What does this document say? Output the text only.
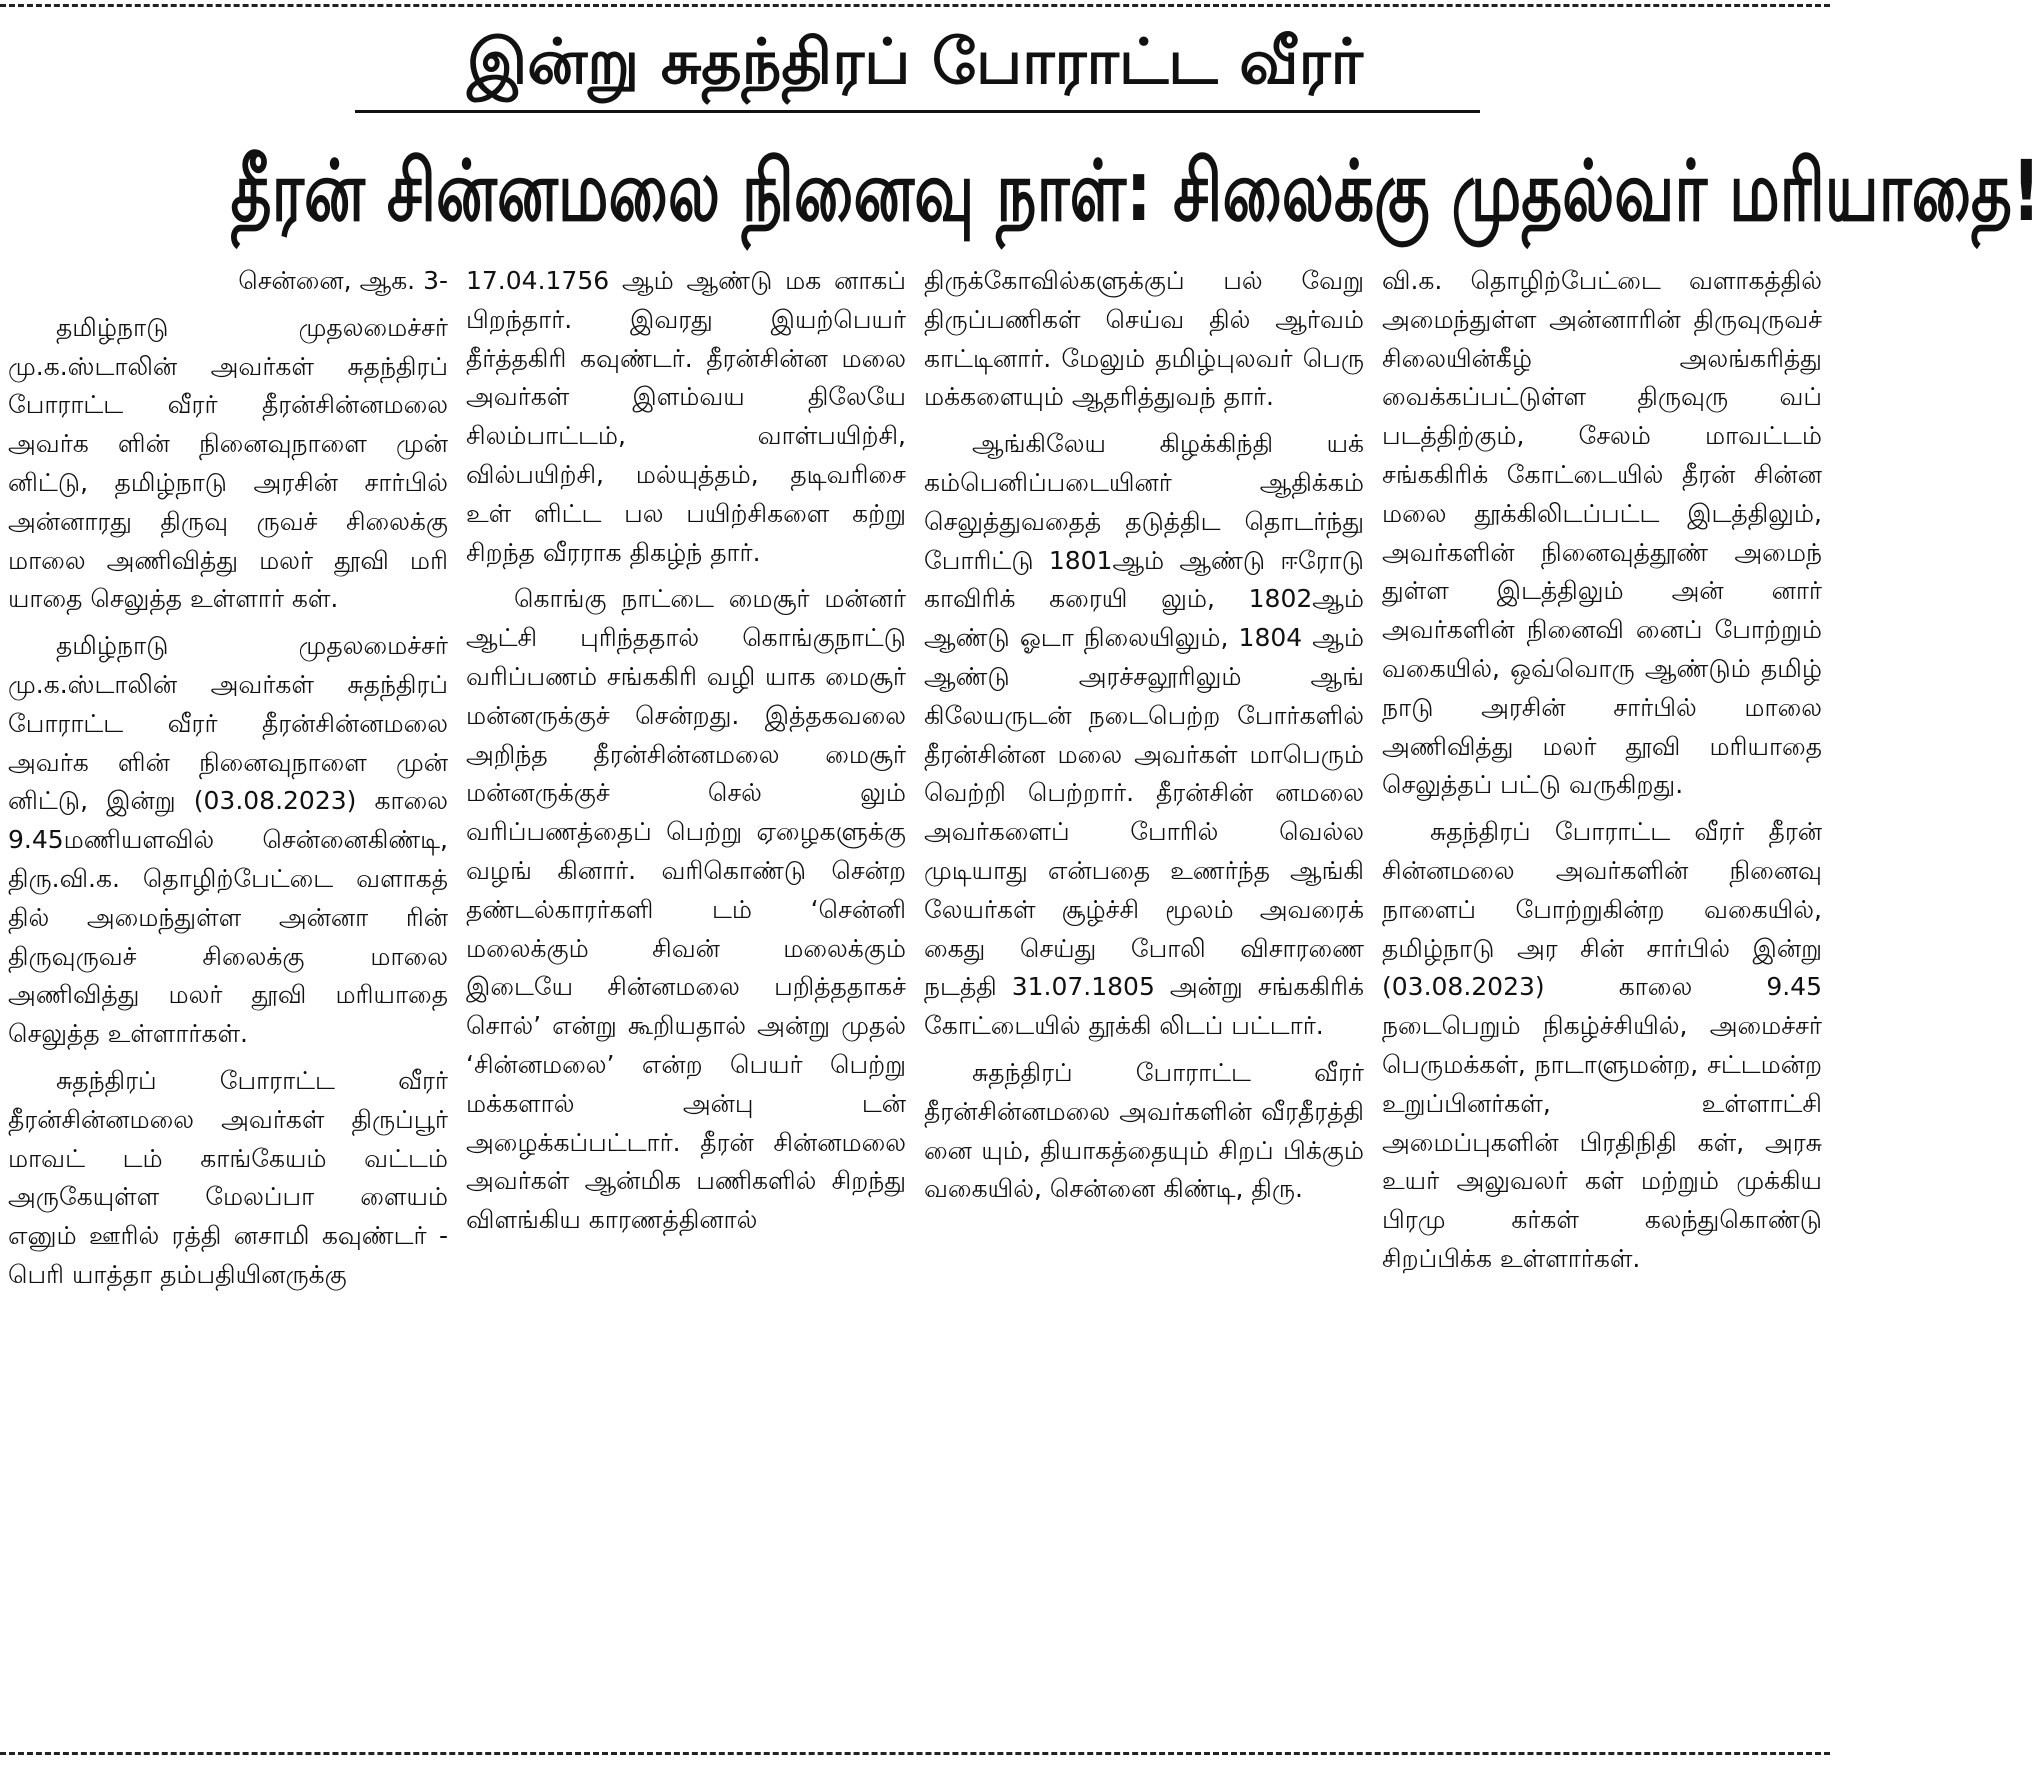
இன்று சுதந்திரப் போராட்ட வீரர்
தீரன் சின்னமலை நினைவு நாள்: சிலைக்கு முதல்வர் மரியாதை!

சென்னை, ஆக. 3-

தமிழ்நாடு முதலமைச்சர் மு.க.ஸ்டாலின் அவர்கள் சுதந்திரப் போராட்ட வீரர் தீரன்சின்னமலை அவர்க ளின் நினைவுநாளை முன் னிட்டு, தமிழ்நாடு அரசின் சார்பில் அன்னாரது திருவு ருவச் சிலைக்கு மாலை அணிவித்து மலர் தூவி மரி யாதை செலுத்த உள்ளார் கள்.

தமிழ்நாடு முதலமைச்சர் மு.க.ஸ்டாலின் அவர்கள் சுதந்திரப் போராட்ட வீரர் தீரன்சின்னமலை அவர்க ளின் நினைவுநாளை முன் னிட்டு, இன்று (03.08.2023) காலை 9.45மணியளவில் சென்னைகிண்டி, திரு.வி.க. தொழிற்பேட்டை வளாகத் தில் அமைந்துள்ள அன்னா ரின் திருவுருவச் சிலைக்கு மாலை அணிவித்து மலர் தூவி மரியாதை செலுத்த உள்ளார்கள்.

சுதந்திரப் போராட்ட வீரர் தீரன்சின்னமலை அவர்கள் திருப்பூர் மாவட் டம் காங்கேயம் வட்டம் அருகேயுள்ள மேலப்பா ளையம் எனும் ஊரில் ரத்தி னசாமி கவுண்டர் - பெரி யாத்தா தம்பதியினருக்கு

17.04.1756 ஆம் ஆண்டு மக னாகப் பிறந்தார். இவரது இயற்பெயர் தீர்த்தகிரி கவுண்டர். தீரன்சின்ன மலை அவர்கள் இளம்வய திலேயே சிலம்பாட்டம், வாள்பயிற்சி, வில்பயிற்சி, மல்யுத்தம், தடிவரிசை உள் ளிட்ட பல பயிற்சிகளை கற்று சிறந்த வீரராக திகழ்ந் தார்.

கொங்கு நாட்டை மைசூர் மன்னர் ஆட்சி புரிந்ததால் கொங்குநாட்டு வரிப்பணம் சங்ககிரி வழி யாக மைசூர் மன்னருக்குச் சென்றது. இத்தகவலை அறிந்த தீரன்சின்னமலை மைசூர் மன்னருக்குச் செல் லும் வரிப்பணத்தைப் பெற்று ஏழைகளுக்கு வழங் கினார். வரிகொண்டு சென்ற தண்டல்காரர்களி டம் ‘சென்னி மலைக்கும் சிவன் மலைக்கும் இடையே சின்னமலை பறித்ததாகச் சொல்’ என்று கூறியதால் அன்று முதல் ‘சின்னமலை’ என்ற பெயர் பெற்று மக்களால் அன்பு டன் அழைக்கப்பட்டார். தீரன் சின்னமலை அவர்கள் ஆன்மிக பணிகளில் சிறந்து விளங்கிய காரணத்தினால்

திருக்கோவில்களுக்குப் பல் வேறு திருப்பணிகள் செய்வ தில் ஆர்வம் காட்டினார். மேலும் தமிழ்புலவர் பெரு மக்களையும் ஆதரித்துவந் தார்.

ஆங்கிலேய கிழக்கிந்தி யக் கம்பெனிப்படையினர் ஆதிக்கம் செலுத்துவதைத் தடுத்திட தொடர்ந்து போரிட்டு 1801ஆம் ஆண்டு ஈரோடு காவிரிக் கரையி லும், 1802ஆம் ஆண்டு ஓடா நிலையிலும், 1804 ஆம் ஆண்டு அரச்சலூரிலும் ஆங் கிலேயருடன் நடைபெற்ற போர்களில் தீரன்சின்ன மலை அவர்கள் மாபெரும் வெற்றி பெற்றார். தீரன்சின் னமலை அவர்களைப் போரில் வெல்ல முடியாது என்பதை உணர்ந்த ஆங்கி லேயர்கள் சூழ்ச்சி மூலம் அவரைக் கைது செய்து போலி விசாரணை நடத்தி 31.07.1805 அன்று சங்ககிரிக் கோட்டையில் தூக்கி லிடப் பட்டார்.

சுதந்திரப் போராட்ட வீரர் தீரன்சின்னமலை அவர்களின் வீரதீரத்தி னை யும், தியாகத்தையும் சிறப் பிக்கும் வகையில், சென்னை கிண்டி, திரு.

வி.க. தொழிற்பேட்டை வளாகத்தில் அமைந்துள்ள அன்னாரின் திருவுருவச் சிலையின்கீழ் அலங்கரித்து வைக்கப்பட்டுள்ள திருவுரு வப் படத்திற்கும், சேலம் மாவட்டம் சங்ககிரிக் கோட்டையில் தீரன் சின்ன மலை தூக்கிலிடப்பட்ட இடத்திலும், அவர்களின் நினைவுத்தூண் அமைந் துள்ள இடத்திலும் அன் னார் அவர்களின் நினைவி னைப் போற்றும் வகையில், ஒவ்வொரு ஆண்டும் தமிழ் நாடு அரசின் சார்பில் மாலை அணிவித்து மலர் தூவி மரியாதை செலுத்தப் பட்டு வருகிறது.

சுதந்திரப் போராட்ட வீரர் தீரன் சின்னமலை அவர்களின் நினைவு நாளைப் போற்றுகின்ற வகையில், தமிழ்நாடு அர சின் சார்பில் இன்று (03.08.2023) காலை 9.45 நடைபெறும் நிகழ்ச்சியில், அமைச்சர் பெருமக்கள், நாடாளுமன்ற, சட்டமன்ற உறுப்பினர்கள், உள்ளாட்சி அமைப்புகளின் பிரதிநிதி கள், அரசு உயர் அலுவலர் கள் மற்றும் முக்கிய பிரமு கர்கள் கலந்துகொண்டு சிறப்பிக்க உள்ளார்கள்.
